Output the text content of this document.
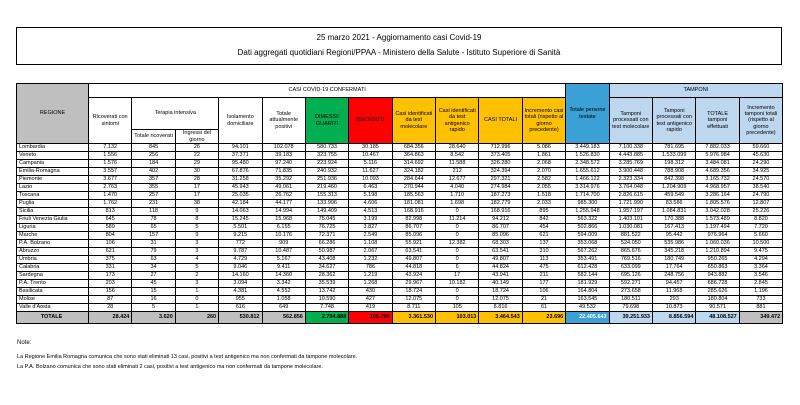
25 marzo 2021 - Aggiornamento casi Covid-19
Dati aggregati quotidiani Regioni/PPAA - Ministero della Salute - Istituto Superiore di Sanità
REGIONE	CASI COVID-19 CONFERMATI											Totale persone testate	TAMPONI			
	Ricoverati con sintomi	Terapia intensiva		Isolamento domiciliare	Totale attualmente positivi	DIMESSI/ GUARITI	DECEDUTI	Casi identificati da test molecolare	Casi identificati da test antigenico rapido	CASI TOTALI	Incremento casi totali (rispetto al giorno precedente)		Tamponi processati con test molecolare	Tamponi processati con test antigenico rapido	TOTALE tamponi effettuati	Incremento tamponi totali (rispetto al giorno precedente)
		Totale ricoverati	Ingressi del giorno													
Lombardia	7.132	845	26	94.101	102.078	580.733	30.185	684.356	28.640	712.996	5.086	3.449.183	7.100.338	781.695	7.882.033	59.660
Veneto	1.556	256	22	37.371	39.183	323.755	10.467	364.863	8.542	373.405	1.861	1.526.830	4.443.885	1.533.099	5.976.984	45.630
Campania	1.576	184	29	95.480	97.240	223.924	5.116	314.692	11.588	326.280	2.068	2.348.572	3.285.769	198.312	3.484.081	24.290
Emilia-Romagna	3.557	402	30	67.876	71.835	240.932	11.627	324.182	212	324.394	2.070	1.655.612	3.900.448	788.908	4.689.356	34.925
Piemonte	3.677	357	28	31.258	35.292	251.936	10.093	284.644	12.677	297.321	2.582	1.466.122	2.323.334	842.398	3.165.732	24.570
Lazio	2.763	355	17	45.943	49.061	219.460	6.463	270.944	4.040	274.984	2.055	3.314.976	3.764.048	1.204.909	4.968.957	38.540
Toscana	1.470	257	17	25.035	26.762	155.313	5.198	185.563	1.710	187.273	1.518	1.714.700	2.826.615	459.549	3.286.164	24.790
Puglia	1.762	231	38	42.184	44.177	133.996	4.606	181.081	1.698	182.779	2.033	985.300	1.721.990	83.586	1.805.576	12.807
Sicilia	813	118	9	14.063	14.994	149.409	4.513	168.916	0	168.916	895	1.255.948	1.957.197	1.084.831	3.042.028	25.226
Friuli Venezia Giulia	645	78	8	15.245	15.968	75.045	3.199	82.998	11.214	94.212	842	563.322	1.403.101	170.388	1.573.489	8.820
Liguria	589	65	5	5.501	6.155	76.725	3.827	86.707	0	86.707	454	502.866	1.030.081	167.413	1.197.494	7.720
Marche	804	157	9	9.215	10.176	72.371	2.549	85.096	0	85.096	621	594.009	881.522	95.442	976.964	5.660
P.A. Bolzano	106	31	3	772	909	66.286	1.108	55.921	12.382	68.303	137	353.068	524.050	535.986	1.060.036	10.500
Abruzzo	621	79	3	9.787	10.487	50.987	2.067	63.541	0	63.541	310	567.262	865.676	345.218	1.210.894	9.475
Umbria	375	63	4	4.729	5.167	43.408	1.232	49.807	0	49.807	113	353.491	769.516	180.749	950.265	4.294
Calabria	331	34	5	9.046	9.411	34.627	786	44.818	6	44.824	475	612.428	633.099	17.764	650.863	3.364
Sardegna	173	27	2	14.160	14.360	28.362	1.219	43.924	17	43.941	211	582.144	695.126	248.756	943.882	3.546
P.A. Trento	203	45	3	3.094	3.342	35.539	1.268	29.967	10.182	40.149	177	181.929	592.271	94.457	686.728	2.845
Basilicata	156	15	1	4.381	4.552	13.742	430	18.724	0	18.724	106	164.804	273.658	11.968	285.626	1.196
Molise	87	16	0	955	1.058	10.590	427	12.075	0	12.075	21	163.545	180.511	293	180.804	733
Valle d'Aosta	28	5	1	616	649	7.748	419	8.711	105	8.816	61	49.532	79.698	10.873	90.571	881
TOTALE	28.424	3.620	260	530.812	562.856	2.794.888	106.799	3.361.530	103.013	3.464.543	23.696	22.405.643	39.251.933	8.856.594	48.108.527	349.472
Note:
La Regione Emilia Romagna comunica che sono stati eliminati 13 casi, positivi a test antigenico ma non confermati da tampone molecolare.
La P.A. Bolzano comunica che sono stati eliminati 2 casi, positivi a test antigenico ma non confermati da tampone molecolare.
